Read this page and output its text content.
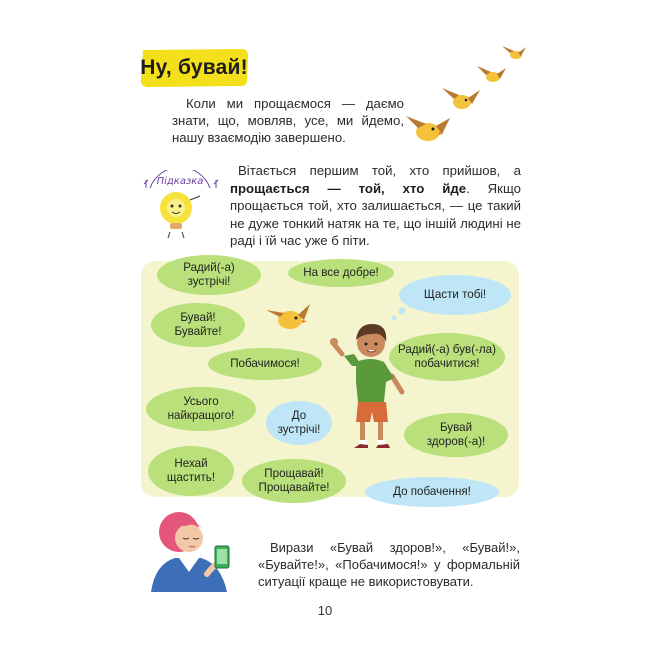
Ну, бувай!

Коли ми прощаємося — даємо знати, що, мовляв, усе, ми йдемо, нашу взаємодію завершено.

Підказка

Вітається першим той, хто прийшов, а прощається — той, хто йде. Якщо прощається той, хто залишається, — це такий не дуже тонкий натяк на те, що іншій людині не раді і їй час уже б піти.

Радий(-а)
зустрічі!
На все добре!
Щасти тобі!
Бувай!
Бувайте!
Радий(-а) був(-ла)
побачитися!
Побачимося!
Усього
найкращого!	До
зустрічі!	Бувай
здоров(-а)!
Нехай
щастить!	Прощавай!
Прощавайте!	До побачення!

Вирази «Бувай здоров!», «Бувай!», «Бувайте!», «Побачимося!» у формальній ситуації краще не використовувати.

10
